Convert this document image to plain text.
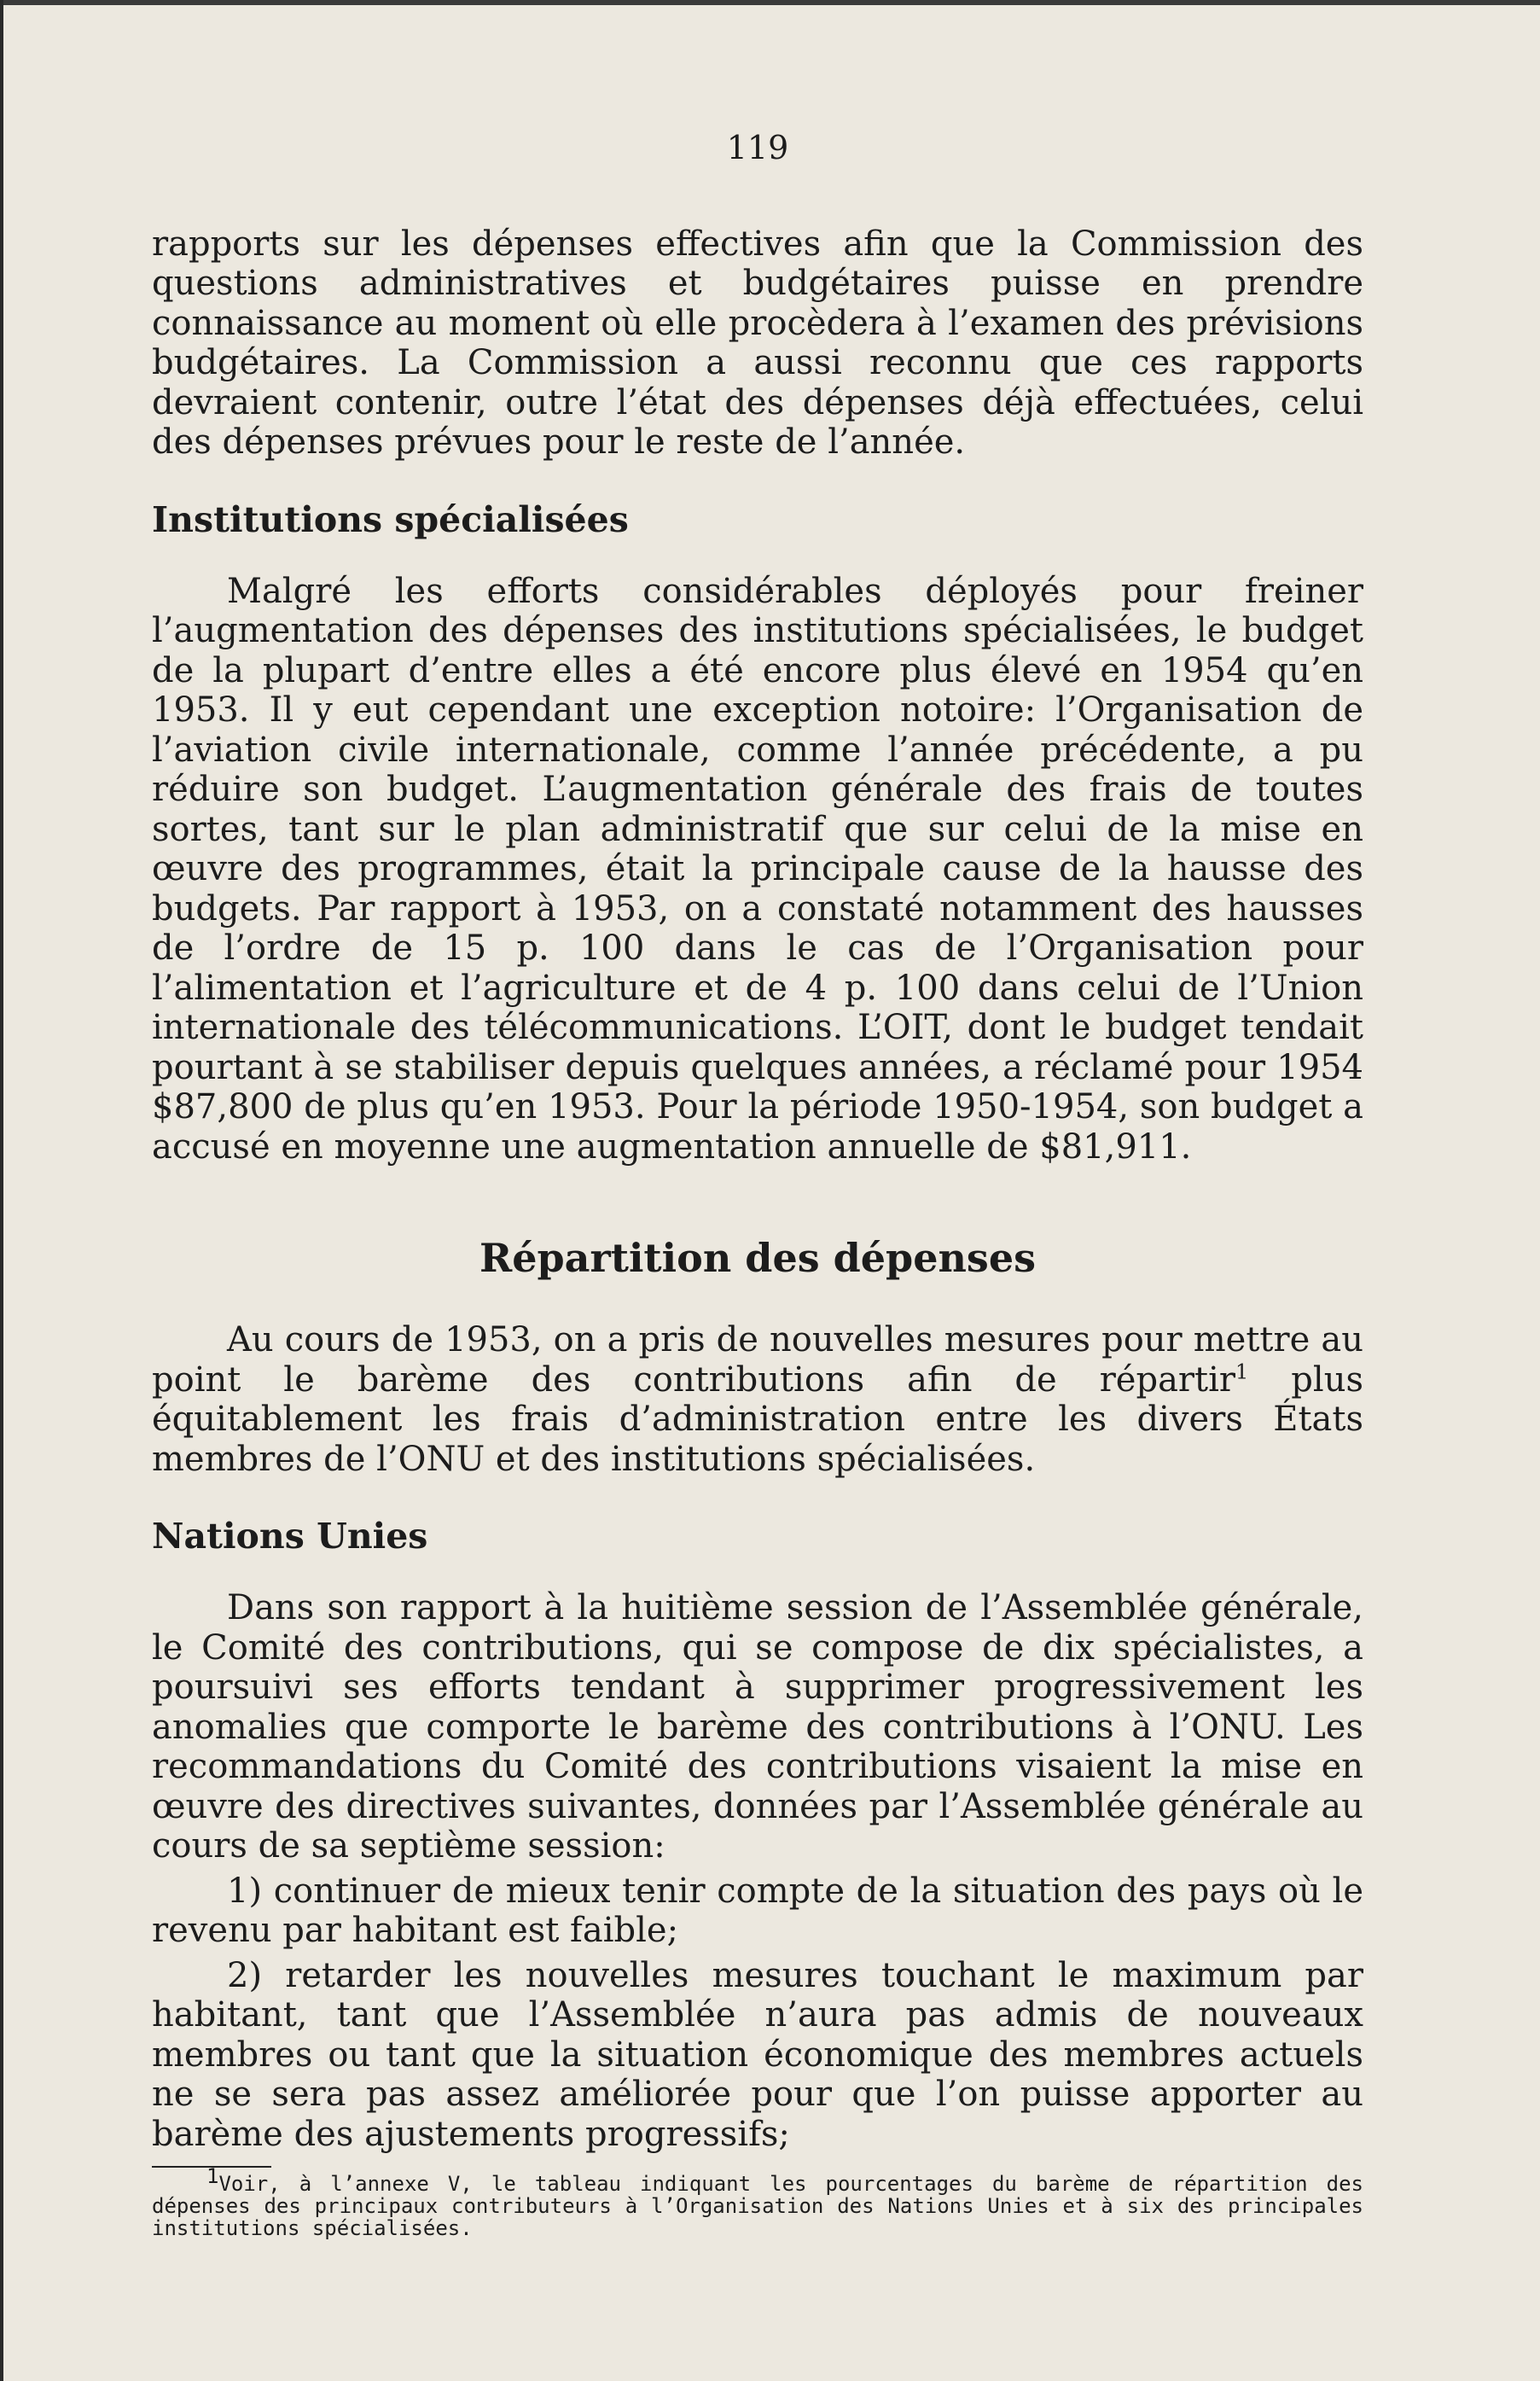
119

rapports sur les dépenses effectives afin que la Commission des questions administratives et budgétaires puisse en prendre connaissance au moment où elle procèdera à l’examen des prévisions budgétaires. La Commission a aussi reconnu que ces rapports devraient contenir, outre l’état des dépenses déjà effectuées, celui des dépenses prévues pour le reste de l’année.

Institutions spécialisées

Malgré les efforts considérables déployés pour freiner l’augmentation des dépenses des institutions spécialisées, le budget de la plupart d’entre elles a été encore plus élevé en 1954 qu’en 1953. Il y eut cependant une exception notoire: l’Organisation de l’aviation civile internationale, comme l’année précédente, a pu réduire son budget. L’augmentation générale des frais de toutes sortes, tant sur le plan administratif que sur celui de la mise en œuvre des programmes, était la principale cause de la hausse des budgets. Par rapport à 1953, on a constaté notamment des hausses de l’ordre de 15 p. 100 dans le cas de l’Organisation pour l’alimentation et l’agriculture et de 4 p. 100 dans celui de l’Union internationale des télécommunications. L’OIT, dont le budget tendait pourtant à se stabiliser depuis quelques années, a réclamé pour 1954 $87,800 de plus qu’en 1953. Pour la période 1950-1954, son budget a accusé en moyenne une augmentation annuelle de $81,911.

Répartition des dépenses

Au cours de 1953, on a pris de nouvelles mesures pour mettre au point le barème des contributions afin de répartir$^1$ plus équitablement les frais d’administration entre les divers États membres de l’ONU et des institutions spécialisées.

Nations Unies

Dans son rapport à la huitième session de l’Assemblée générale, le Comité des contributions, qui se compose de dix spécialistes, a poursuivi ses efforts tendant à supprimer progressivement les anomalies que comporte le barème des contributions à l’ONU. Les recommandations du Comité des contributions visaient la mise en œuvre des directives suivantes, données par l’Assemblée générale au cours de sa septième session:

1) continuer de mieux tenir compte de la situation des pays où le revenu par habitant est faible;

2) retarder les nouvelles mesures touchant le maximum par habitant, tant que l’Assemblée n’aura pas admis de nouveaux membres ou tant que la situation économique des membres actuels ne se sera pas assez améliorée pour que l’on puisse apporter au barème des ajustements progressifs;

$^1$Voir, à l’annexe V, le tableau indiquant les pourcentages du barème de répartition des dépenses des principaux contributeurs à l’Organisation des Nations Unies et à six des principales institutions spécialisées.
